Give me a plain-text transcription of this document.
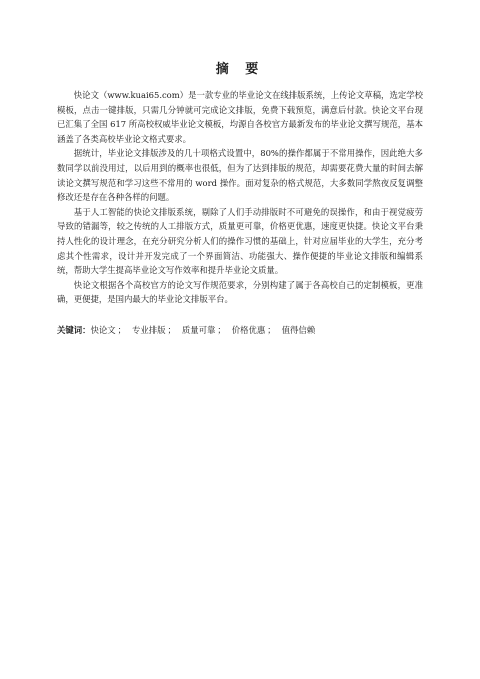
摘 要

快论文（www.kuai65.com）是一款专业的毕业论文在线排版系统，上传论文草稿，选定学校模板，点击一键排版，只需几分钟就可完成论文排版，免费下载预览，满意后付款。快论文平台现已汇集了全国 617 所高校权威毕业论文模板，均源自各校官方最新发布的毕业论文撰写规范，基本涵盖了各类高校毕业论文格式要求。

据统计，毕业论文排版涉及的几十项格式设置中，80%的操作都属于不常用操作，因此绝大多数同学以前没用过，以后用到的概率也很低，但为了达到排版的规范，却需要花费大量的时间去解读论文撰写规范和学习这些不常用的 word 操作。面对复杂的格式规范，大多数同学熬夜反复调整修改还是存在各种各样的问题。

基于人工智能的快论文排版系统，剔除了人们手动排版时不可避免的误操作，和由于视觉疲劳导致的错漏等，较之传统的人工排版方式，质量更可靠，价格更优惠，速度更快捷。快论文平台秉持人性化的设计理念，在充分研究分析人们的操作习惯的基础上，针对应届毕业的大学生，充分考虑其个性需求，设计并开发完成了一个界面简洁、功能强大、操作便捷的毕业论文排版和编辑系统，帮助大学生提高毕业论文写作效率和提升毕业论文质量。

快论文根据各个高校官方的论文写作规范要求，分别构建了属于各高校自己的定制模板，更准确，更便捷，是国内最大的毕业论文排版平台。

关键词：快论文 ； 专业排版 ； 质量可靠 ； 价格优惠 ； 值得信赖
